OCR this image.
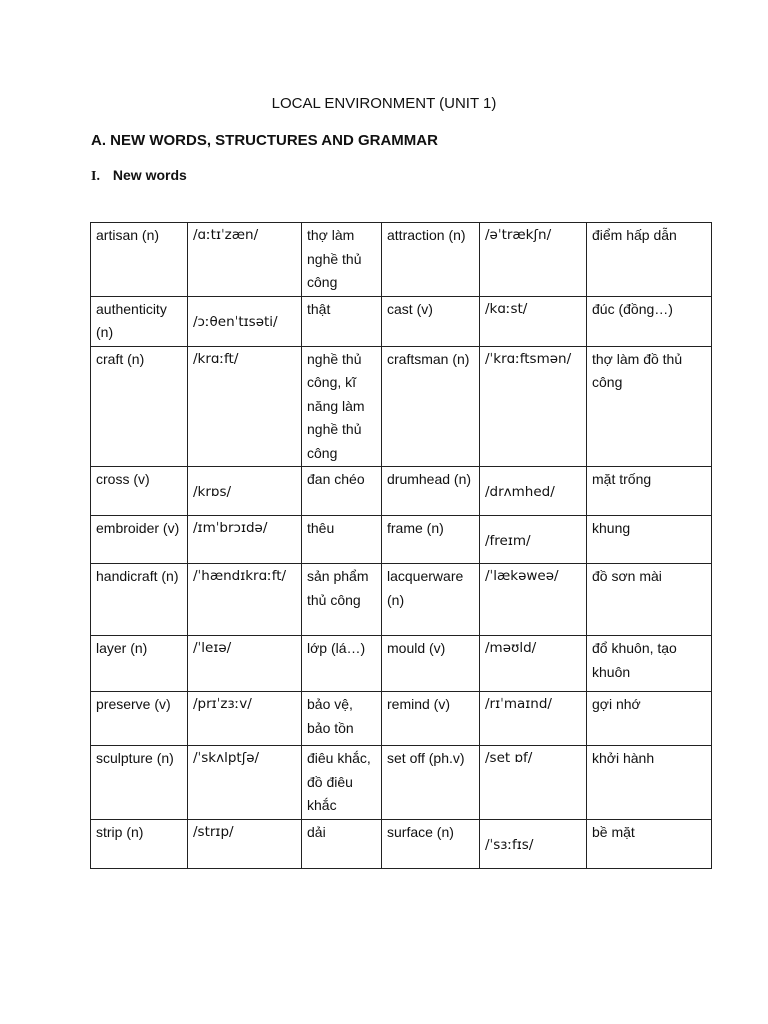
LOCAL ENVIRONMENT (UNIT 1)
A. NEW WORDS, STRUCTURES AND GRAMMAR
I. New words
artisan (n)	/ɑːtɪˈzæn/	thợ làm nghề thủ công	attraction (n)	/əˈtrækʃn/	điểm hấp dẫn
authenticity (n)	/ɔːθenˈtɪsəti/	thật	cast (v)	/kɑːst/	đúc (đồng…)
craft (n)	/krɑːft/	nghề thủ công, kĩ năng làm nghề thủ công	craftsman (n)	/ˈkrɑːftsmən/	thợ làm đồ thủ công
cross (v)	/krɒs/	đan chéo	drumhead (n)	/drʌmhed/	mặt trống
embroider (v)	/ɪmˈbrɔɪdə/	thêu	frame (n)	/freɪm/	khung
handicraft (n)	/ˈhændɪkrɑːft/	sản phẩm thủ công	lacquerware (n)	/ˈlækəweə/	đồ sơn mài
layer (n)	/ˈleɪə/	lớp (lá…)	mould (v)	/məʊld/	đổ khuôn, tạo khuôn
preserve (v)	/prɪˈzɜːv/	bảo vệ, bảo tồn	remind (v)	/rɪˈmaɪnd/	gợi nhớ
sculpture (n)	/ˈskʌlptʃə/	điêu khắc, đồ điêu khắc	set off (ph.v)	/set ɒf/	khởi hành
strip (n)	/strɪp/	dải	surface (n)	/ˈsɜːfɪs/	bề mặt
